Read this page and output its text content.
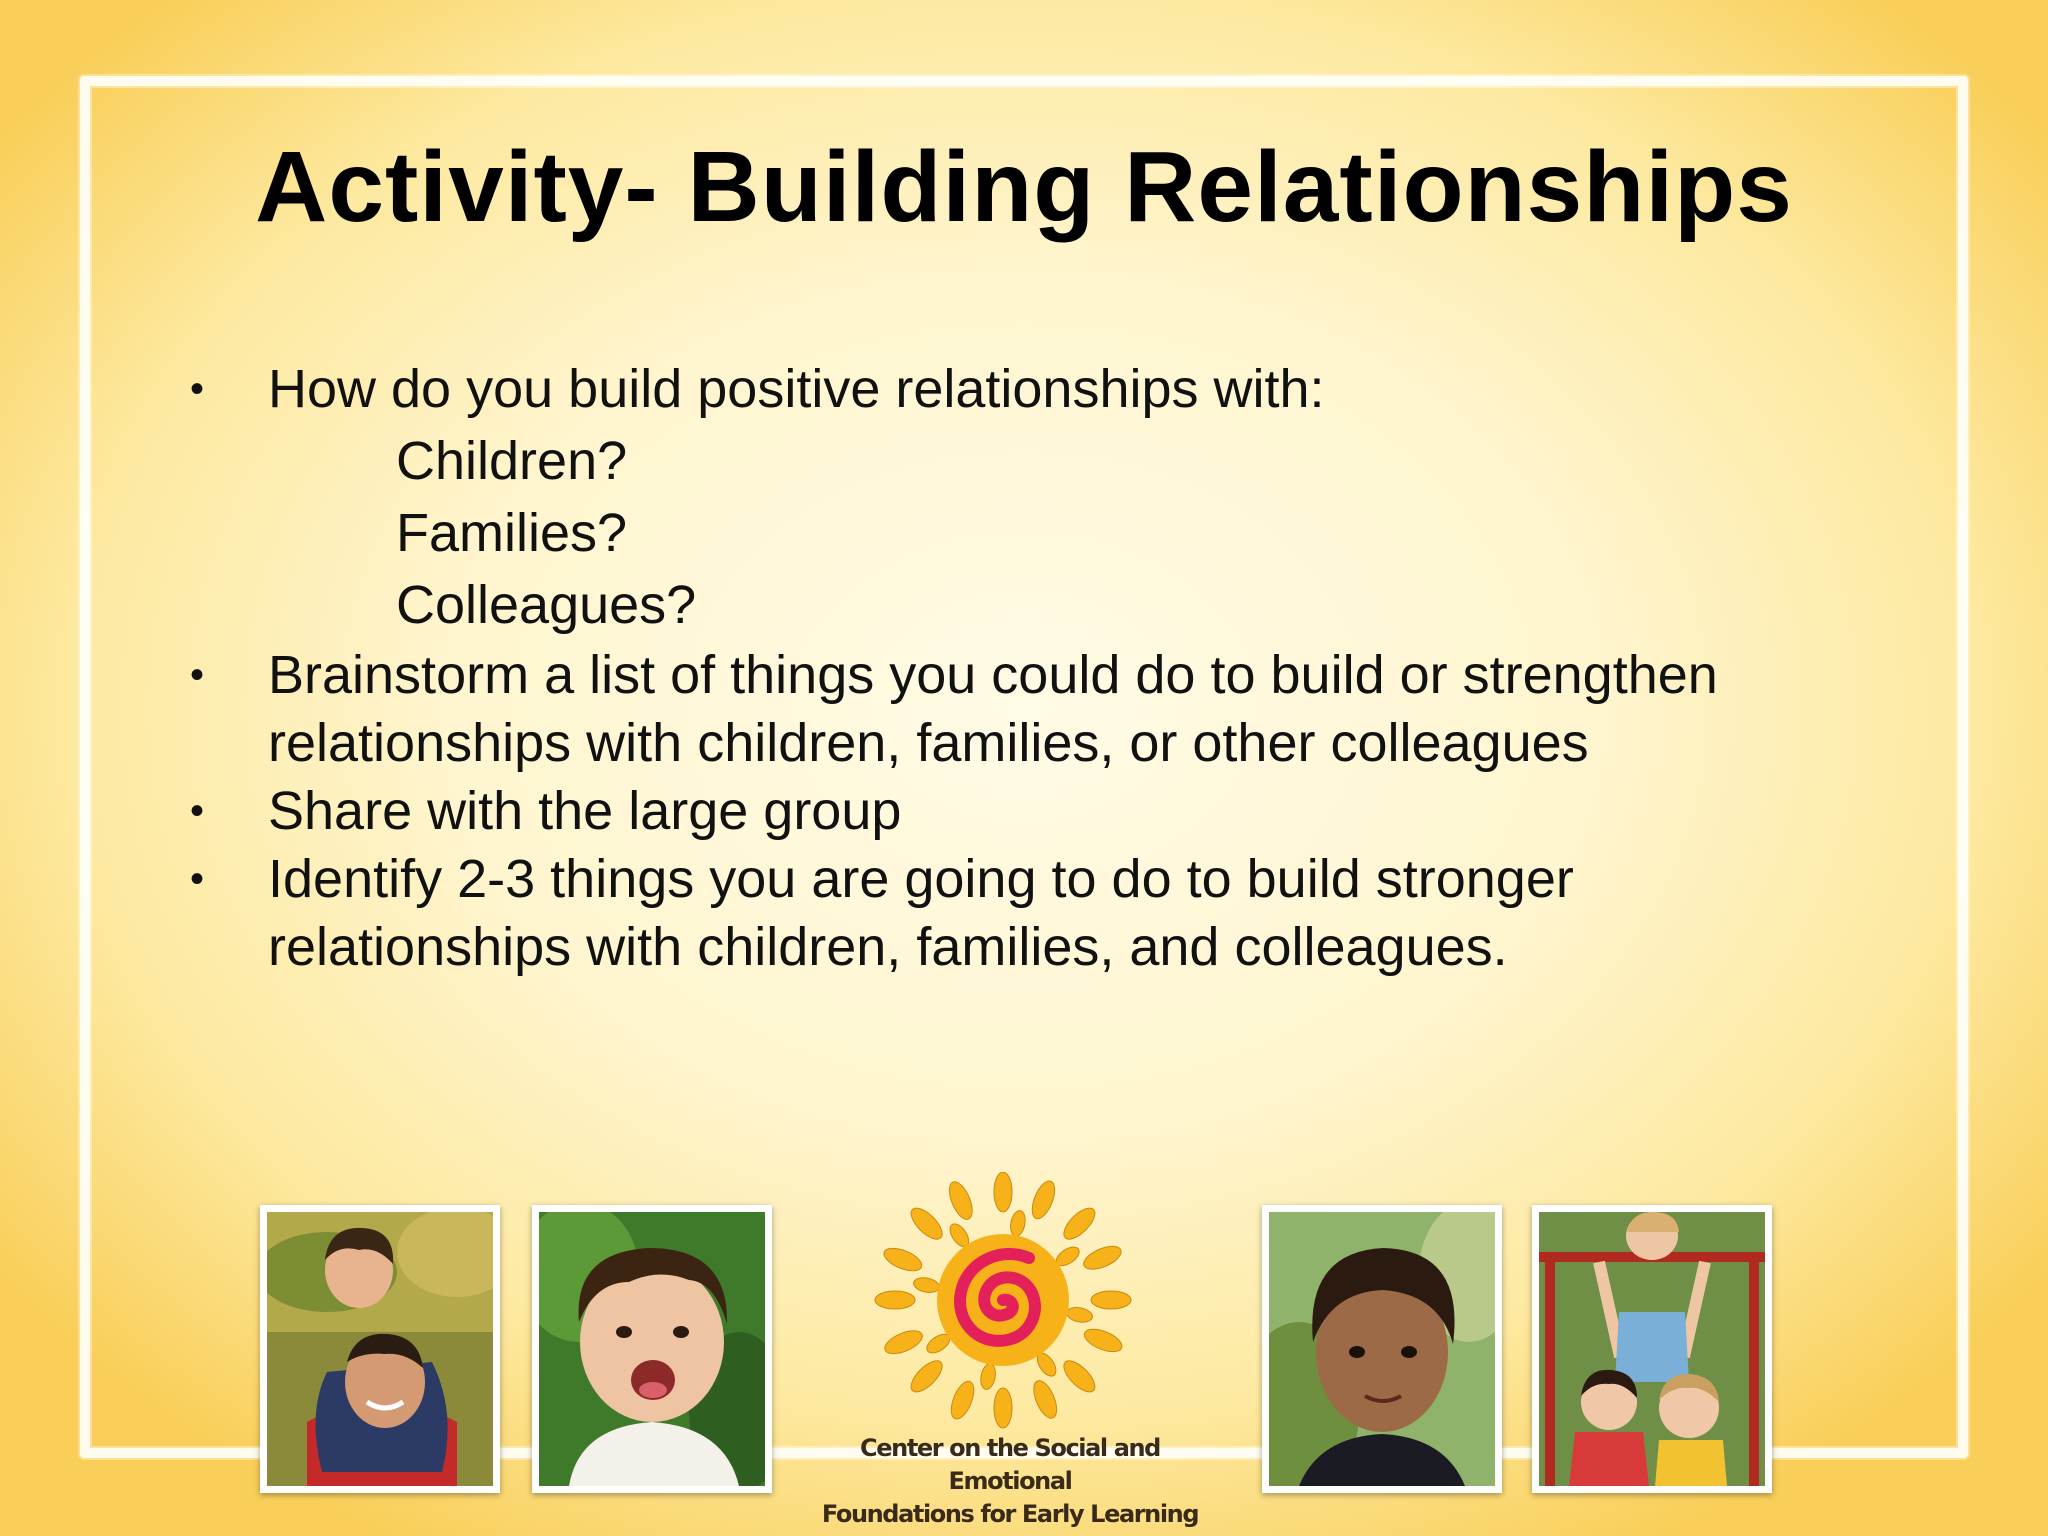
Activity- Building Relationships
•	How do you build positive relationships with:
Children?
Families?
Colleagues?
•	Brainstorm a list of things you could do to build or strengthen
relationships with children, families, or other colleagues
•	Share with the large group
•	Identify 2-3 things you are going to do to build stronger
relationships with children, families, and colleagues.
Center on the Social and Emotional
Foundations for Early Learning
